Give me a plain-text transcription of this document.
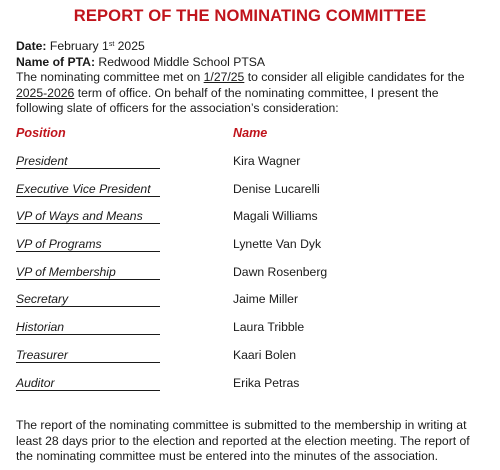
REPORT OF THE NOMINATING COMMITTEE
Date: February 1st 2025
Name of PTA: Redwood Middle School PTSA
The nominating committee met on 1/27/25 to consider all eligible candidates for the 2025-2026 term of office. On behalf of the nominating committee, I present the following slate of officers for the association’s consideration:
Position	Name
President	Kira Wagner
Executive Vice President	Denise Lucarelli
VP of Ways and Means	Magali Williams
VP of Programs	Lynette Van Dyk
VP of Membership	Dawn Rosenberg
Secretary	Jaime Miller
Historian	Laura Tribble
Treasurer	Kaari Bolen
Auditor	Erika Petras
The report of the nominating committee is submitted to the membership in writing at least 28 days prior to the election and reported at the election meeting. The report of the nominating committee must be entered into the minutes of the association.
